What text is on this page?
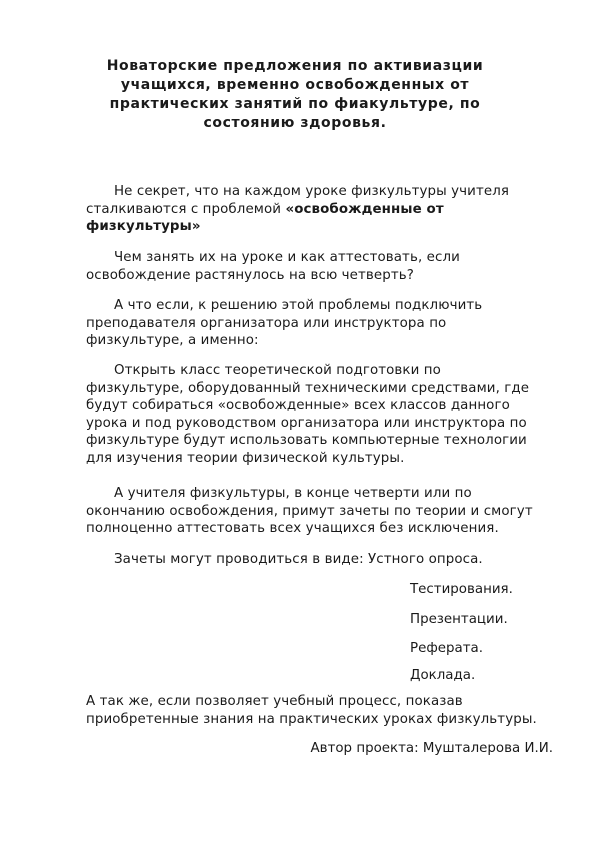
Новаторские предложения по активиазции
учащихся, временно освобожденных от
практических занятий по фиакультуре, по
состоянию здоровья.
Не секрет, что на каждом уроке физкультуры учителя
сталкиваются с проблемой «освобожденные от
физкультуры»
Чем занять их на уроке и как аттестовать, если
освобождение растянулось на всю четверть?
А что если, к решению этой проблемы подключить
преподавателя организатора или инструктора по
физкультуре, а именно:
Открыть класс теоретической подготовки по
физкультуре, оборудованный техническими средствами, где
будут собираться «освобожденные» всех классов данного
урока и под руководством организатора или инструктора по
физкультуре будут использовать компьютерные технологии
для изучения теории физической культуры.
А учителя физкультуры, в конце четверти или по
окончанию освобождения, примут зачеты по теории и смогут
полноценно аттестовать всех учащихся без исключения.
Зачеты могут проводиться в виде: Устного опроса.
Тестирования.
Презентации.
Реферата.
Доклада.
А так же, если позволяет учебный процесс, показав
приобретенные знания на практических уроках физкультуры.
Автор проекта: Мушталерова И.И.
